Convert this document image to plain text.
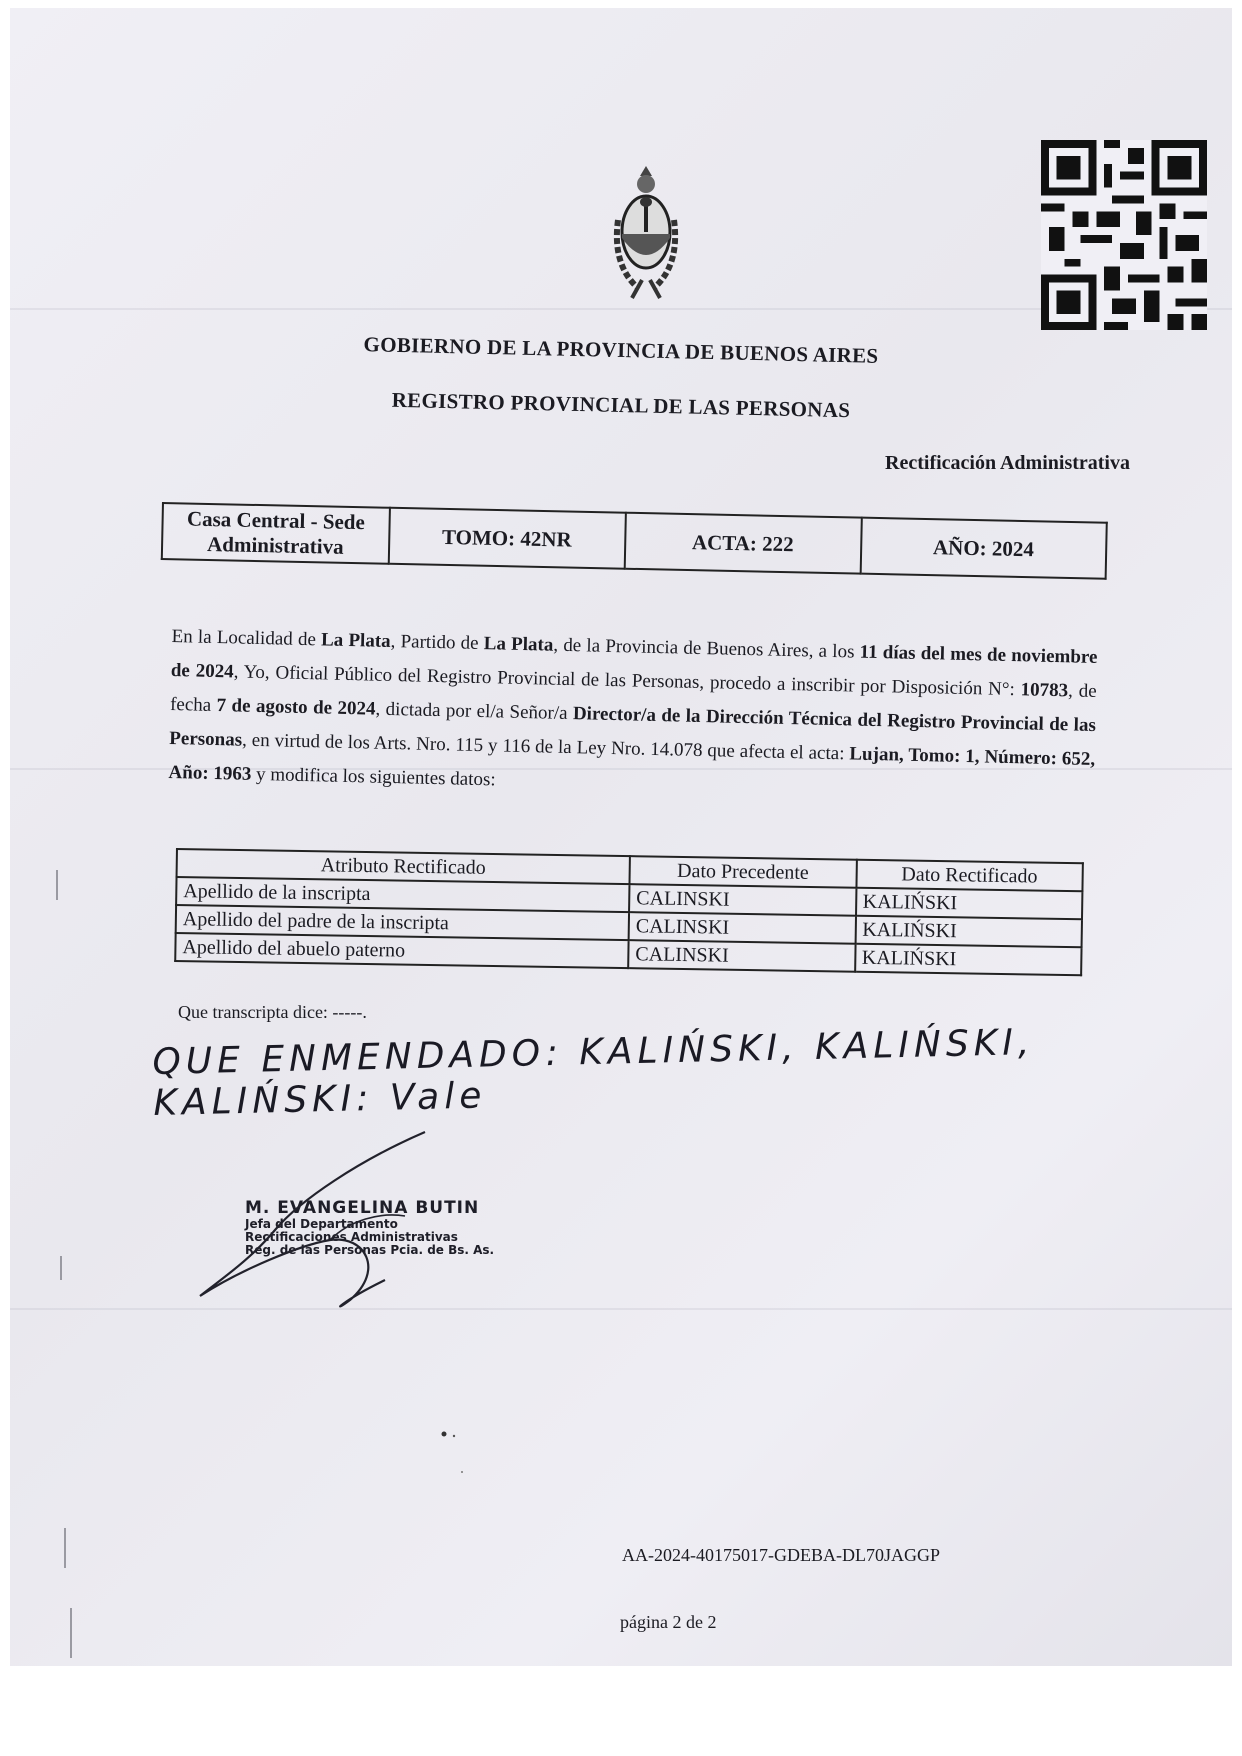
GOBIERNO DE LA PROVINCIA DE BUENOS AIRES
REGISTRO PROVINCIAL DE LAS PERSONAS
Rectificación Administrativa
Casa Central - Sede Administrativa	TOMO: 42NR	ACTA: 222	AÑO: 2024
En la Localidad de La Plata, Partido de La Plata, de la Provincia de Buenos Aires, a los 11 días del mes de noviembre de 2024, Yo, Oficial Público del Registro Provincial de las Personas, procedo a inscribir por Disposición N°: 10783, de fecha 7 de agosto de 2024, dictada por el/a Señor/a Director/a de la Dirección Técnica del Registro Provincial de las Personas, en virtud de los Arts. Nro. 115 y 116 de la Ley Nro. 14.078 que afecta el acta: Lujan, Tomo: 1, Número: 652, Año: 1963 y modifica los siguientes datos:
Atributo Rectificado	Dato Precedente	Dato Rectificado
Apellido de la inscripta	CALINSKI	KALIŃSKI
Apellido del padre de la inscripta	CALINSKI	KALIŃSKI
Apellido del abuelo paterno	CALINSKI	KALIŃSKI
Que transcripta dice: -----.
QUE ENMENDADO: KALIŃSKI, KALIŃSKI, KALIŃSKI: Vale
M. EVANGELINA BUTIN
Jefa del Departamento
Rectificaciones Administrativas
Reg. de las Personas Pcia. de Bs. As.
AA-2024-40175017-GDEBA-DL70JAGGP
página 2 de 2
